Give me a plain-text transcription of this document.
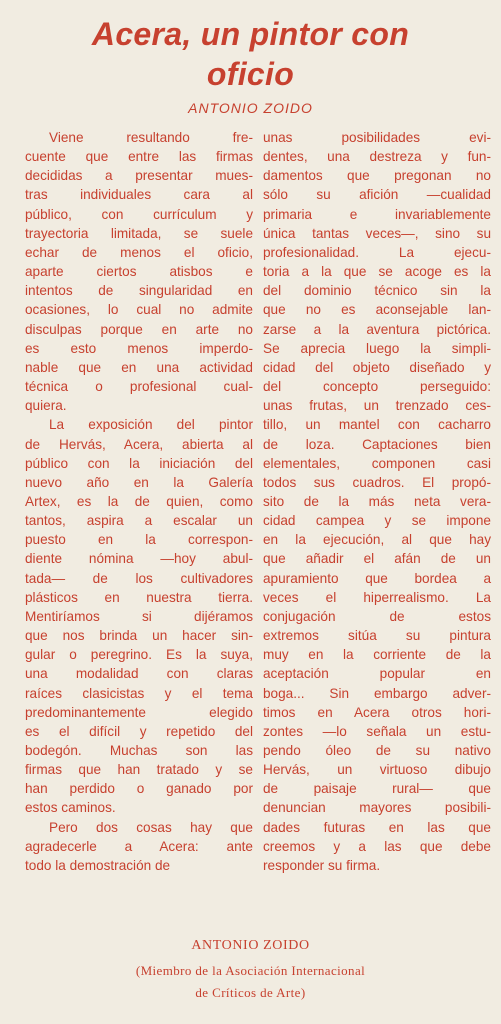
Acera, un pintor con
oficio
ANTONIO ZOIDO
Viene resultando fre-
cuente que entre las firmas
decididas a presentar mues-
tras individuales cara al
público, con currículum y
trayectoria limitada, se suele
echar de menos el oficio,
aparte ciertos atisbos e
intentos de singularidad en
ocasiones, lo cual no admite
disculpas porque en arte no
es esto menos imperdo-
nable que en una actividad
técnica o profesional cual-
quiera.
La exposición del pintor
de Hervás, Acera, abierta al
público con la iniciación del
nuevo año en la Galería
Artex, es la de quien, como
tantos, aspira a escalar un
puesto en la correspon-
diente nómina —hoy abul-
tada— de los cultivadores
plásticos en nuestra tierra.
Mentiríamos si dijéramos
que nos brinda un hacer sin-
gular o peregrino. Es la suya,
una modalidad con claras
raíces clasicistas y el tema
predominantemente elegido
es el difícil y repetido del
bodegón. Muchas son las
firmas que han tratado y se
han perdido o ganado por
estos caminos.
Pero dos cosas hay que
agradecerle a Acera: ante
todo la demostración de
unas posibilidades evi-
dentes, una destreza y fun-
damentos que pregonan no
sólo su afición —cualidad
primaria e invariablemente
única tantas veces—, sino su
profesionalidad. La ejecu-
toria a la que se acoge es la
del dominio técnico sin la
que no es aconsejable lan-
zarse a la aventura pictórica.
Se aprecia luego la simpli-
cidad del objeto diseñado y
del concepto perseguido:
unas frutas, un trenzado ces-
tillo, un mantel con cacharro
de loza. Captaciones bien
elementales, componen casi
todos sus cuadros. El propó-
sito de la más neta vera-
cidad campea y se impone
en la ejecución, al que hay
que añadir el afán de un
apuramiento que bordea a
veces el hiperrealismo. La
conjugación de estos
extremos sitúa su pintura
muy en la corriente de la
aceptación popular en
boga... Sin embargo adver-
timos en Acera otros hori-
zontes —lo señala un estu-
pendo óleo de su nativo
Hervás, un virtuoso dibujo
de paisaje rural— que
denuncian mayores posibili-
dades futuras en las que
creemos y a las que debe
responder su firma.
ANTONIO ZOIDO
(Miembro de la Asociación Internacional
de Críticos de Arte)
